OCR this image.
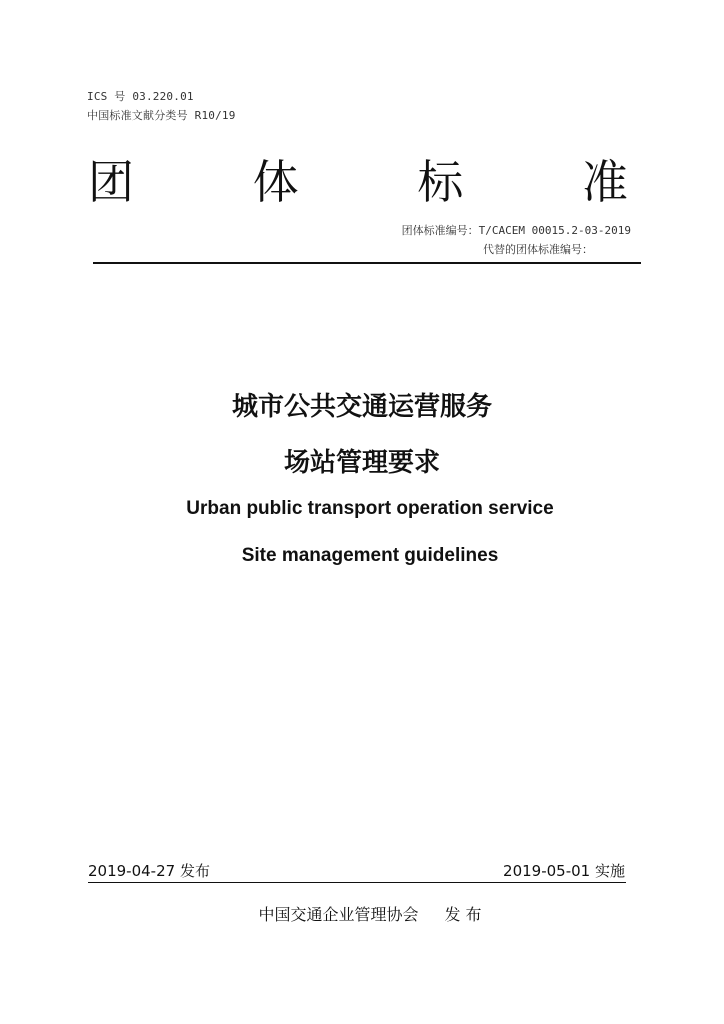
ICS 号 03.220.01
中国标准文献分类号 R10/19
团	体	标	准
团体标准编号：T/CACEM 00015.2-03-2019
代替的团体标准编号：
城市公共交通运营服务
场站管理要求
Urban public transport operation service
Site management guidelines
2019-04-27 发布	2019-05-01 实施
中国交通企业管理协会 发 布
